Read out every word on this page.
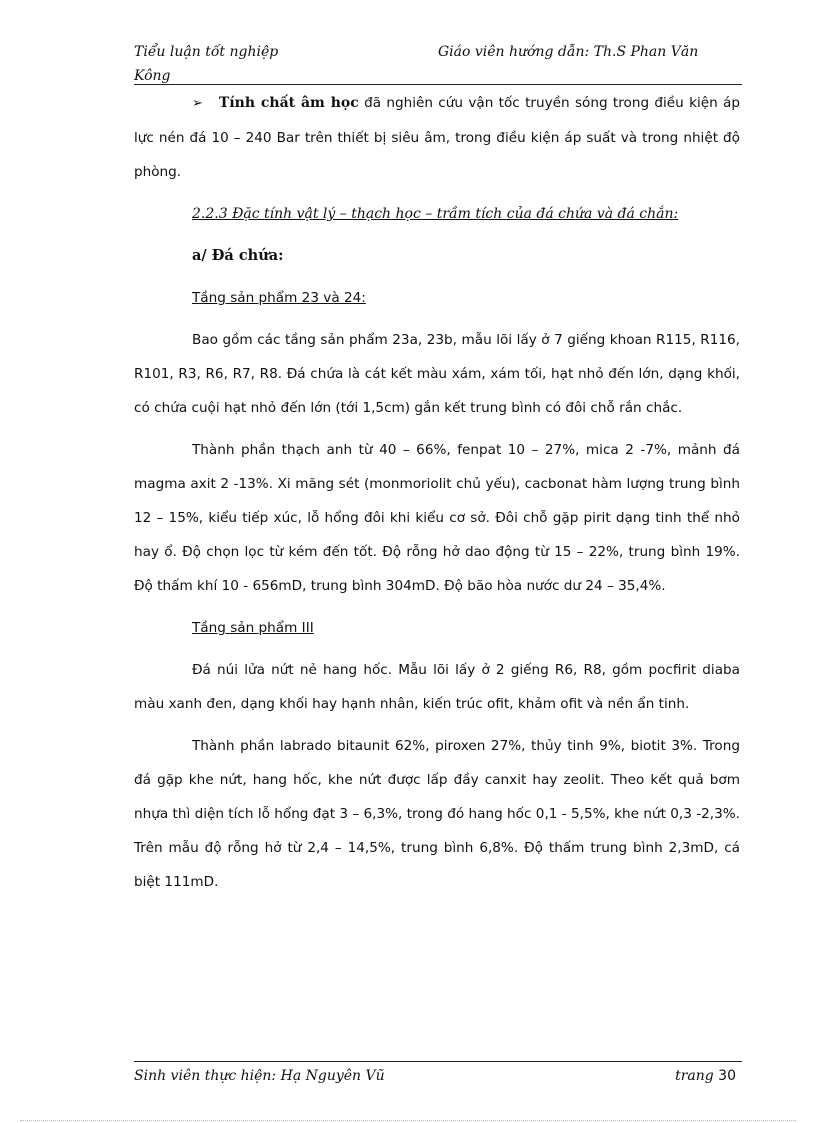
Tiểu luận tốt nghiệp	Giáo viên hướng dẫn: Th.S Phan Văn
Kông

➢ Tính chất âm học đã nghiên cứu vận tốc truyền sóng trong điều kiện áp lực nén đá 10 – 240 Bar trên thiết bị siêu âm, trong điều kiện áp suất và trong nhiệt độ phòng.

2.2.3 Đặc tính vật lý – thạch học – trầm tích của đá chứa và đá chắn:

a/ Đá chứa:

Tầng sản phẩm 23 và 24:

Bao gồm các tầng sản phẩm 23a, 23b, mẫu lõi lấy ở 7 giếng khoan R115, R116, R101, R3, R6, R7, R8. Đá chứa là cát kết màu xám, xám tối, hạt nhỏ đến lớn, dạng khối, có chứa cuội hạt nhỏ đến lớn (tới 1,5cm) gắn kết trung bình có đôi chỗ rắn chắc.

Thành phần thạch anh từ 40 – 66%, fenpat 10 – 27%, mica 2 -7%, mảnh đá magma axit 2 -13%. Xi măng sét (monmoriolit chủ yếu), cacbonat hàm lượng trung bình 12 – 15%, kiểu tiếp xúc, lỗ hổng đôi khi kiểu cơ sở. Đôi chỗ gặp pirit dạng tinh thể nhỏ hay ổ. Độ chọn lọc từ kém đến tốt. Độ rỗng hở dao động từ 15 – 22%, trung bình 19%. Độ thấm khí 10 - 656mD, trung bình 304mD. Độ bão hòa nước dư 24 – 35,4%.

Tầng sản phẩm III

Đá núi lửa nứt nẻ hang hốc. Mẫu lõi lấy ở 2 giếng R6, R8, gồm pocfirit diaba màu xanh đen, dạng khối hay hạnh nhân, kiến trúc ofit, khảm ofit và nền ẩn tinh.

Thành phần labrado bitaunit 62%, piroxen 27%, thủy tinh 9%, biotit 3%. Trong đá gặp khe nứt, hang hốc, khe nứt được lấp đầy canxit hay zeolit. Theo kết quả bơm nhựa thì diện tích lỗ hổng đạt 3 – 6,3%, trong đó hang hốc 0,1 - 5,5%, khe nứt 0,3 -2,3%. Trên mẫu độ rỗng hở từ 2,4 – 14,5%, trung bình 6,8%. Độ thấm trung bình 2,3mD, cá biệt 111mD.

Sinh viên thực hiện: Hạ Nguyên Vũ	trang 30
